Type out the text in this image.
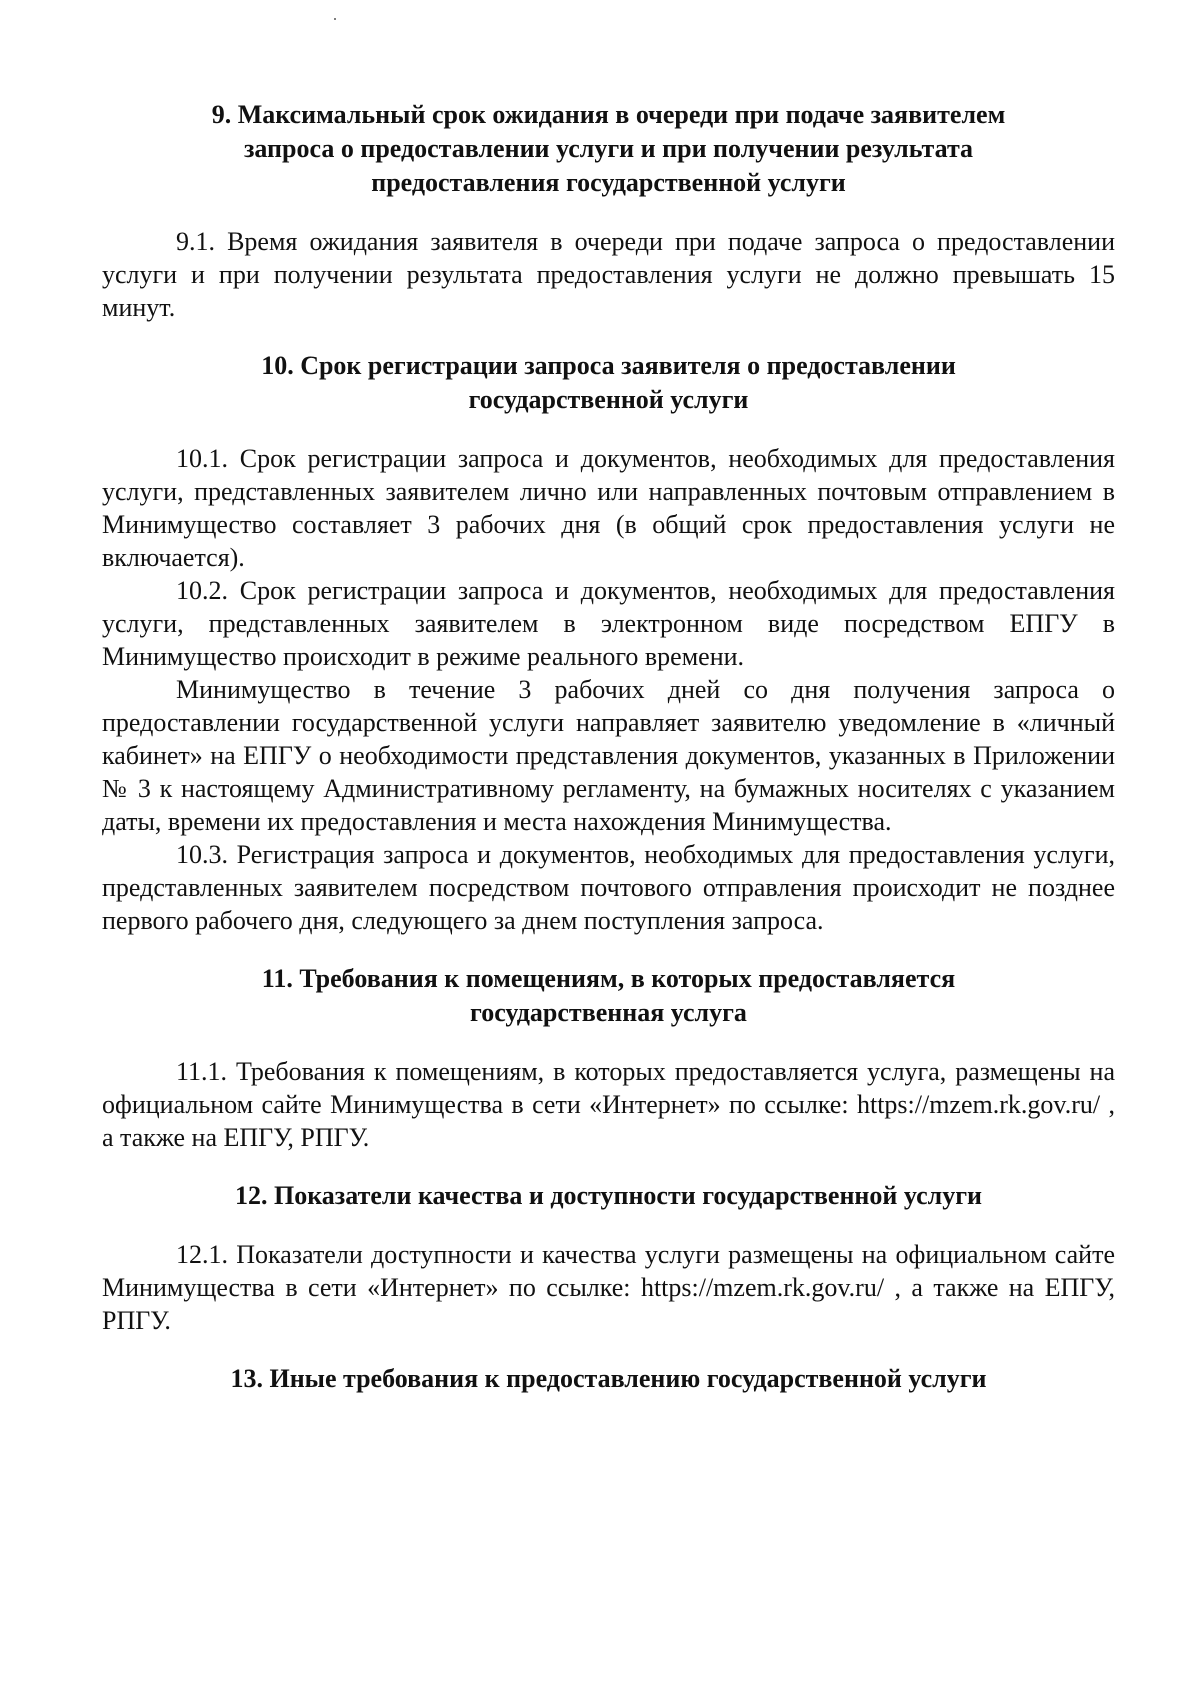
9. Максимальный срок ожидания в очереди при подаче заявителем
запроса о предоставлении услуги и при получении результата
предоставления государственной услуги

9.1. Время ожидания заявителя в очереди при подаче запроса о предоставлении услуги и при получении результата предоставления услуги не должно превышать 15 минут.

10. Срок регистрации запроса заявителя о предоставлении
государственной услуги

10.1. Срок регистрации запроса и документов, необходимых для предоставления услуги, представленных заявителем лично или направленных почтовым отправлением в Минимущество составляет 3 рабочих дня (в общий срок предоставления услуги не включается).

10.2. Срок регистрации запроса и документов, необходимых для предоставления услуги, представленных заявителем в электронном виде посредством ЕПГУ в Минимущество происходит в режиме реального времени.

Минимущество в течение 3 рабочих дней со дня получения запроса о предоставлении государственной услуги направляет заявителю уведомление в «личный кабинет» на ЕПГУ о необходимости представления документов, указанных в Приложении № 3 к настоящему Административному регламенту, на бумажных носителях с указанием даты, времени их предоставления и места нахождения Минимущества.

10.3. Регистрация запроса и документов, необходимых для предоставления услуги, представленных заявителем посредством почтового отправления происходит не позднее первого рабочего дня, следующего за днем поступления запроса.

11. Требования к помещениям, в которых предоставляется
государственная услуга

11.1. Требования к помещениям, в которых предоставляется услуга, размещены на официальном сайте Минимущества в сети «Интернет» по ссылке: https://mzem.rk.gov.ru/ , а также на ЕПГУ, РПГУ.

12. Показатели качества и доступности государственной услуги

12.1. Показатели доступности и качества услуги размещены на официальном сайте Минимущества в сети «Интернет» по ссылке: https://mzem.rk.gov.ru/ , а также на ЕПГУ, РПГУ.

13. Иные требования к предоставлению государственной услуги
